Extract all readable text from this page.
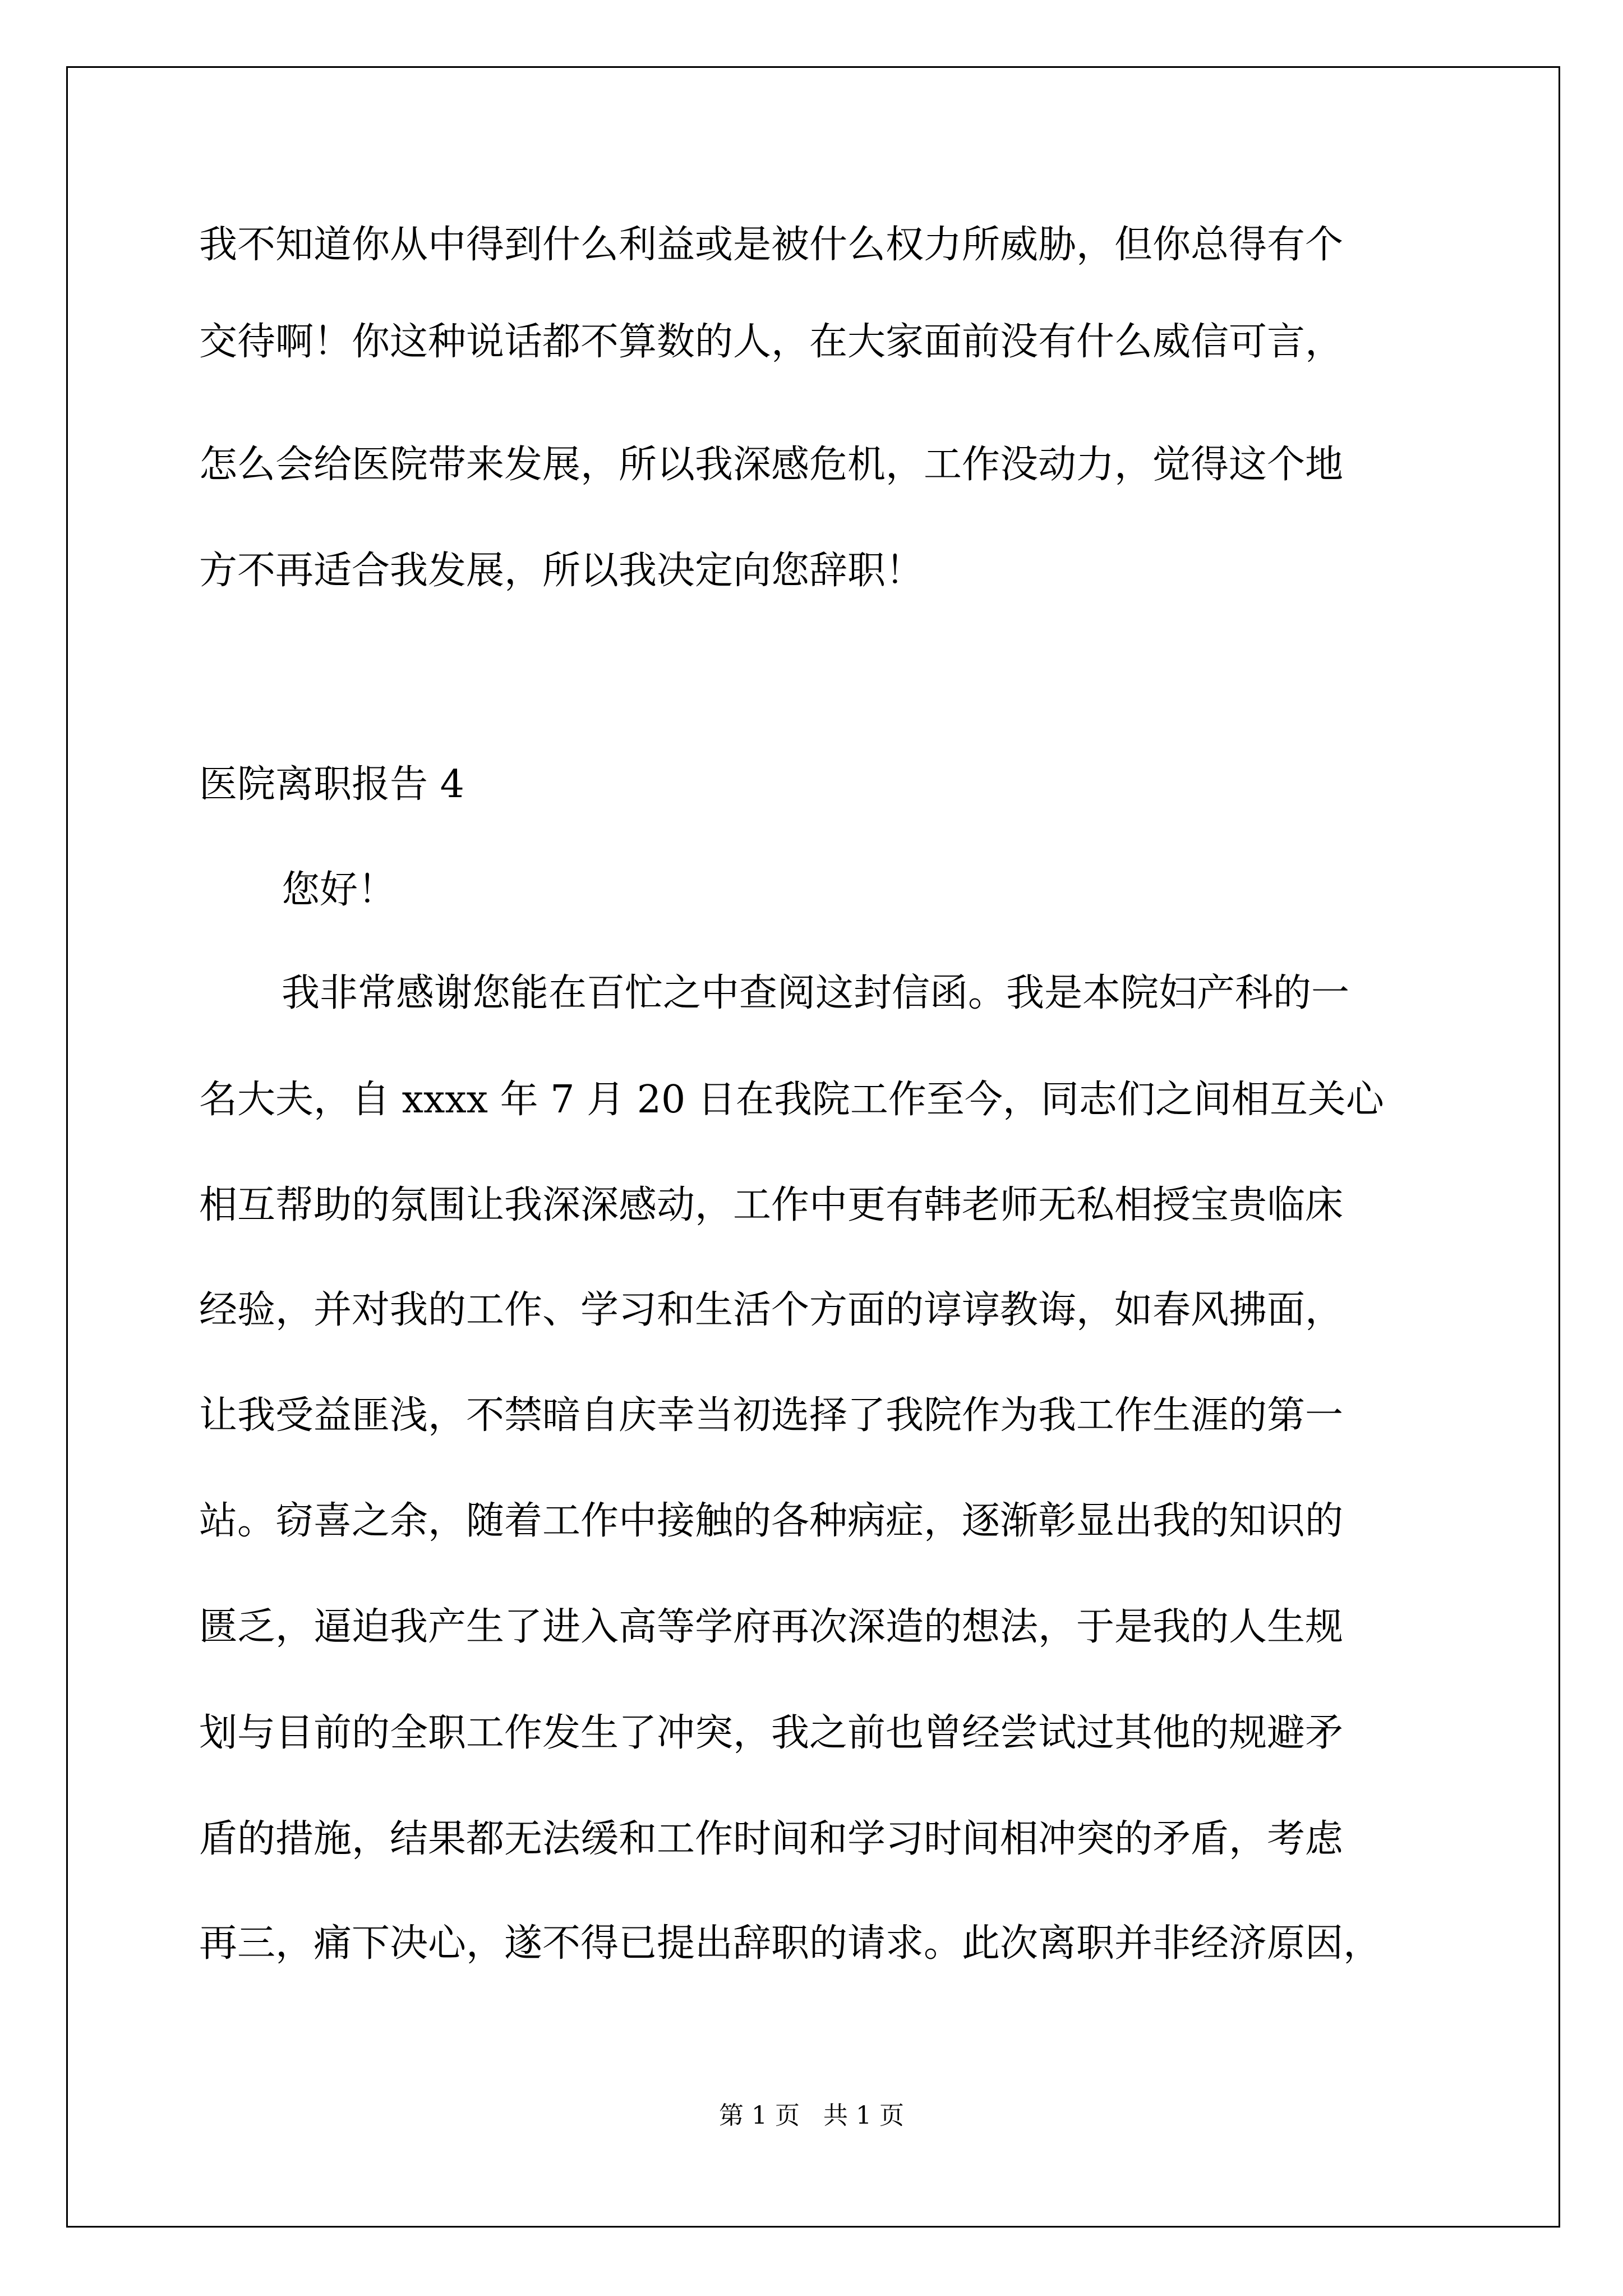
我不知道你从中得到什么利益或是被什么权力所威胁，但你总得有个
交待啊！你这种说话都不算数的人，在大家面前没有什么威信可言，
怎么会给医院带来发展，所以我深感危机，工作没动力，觉得这个地
方不再适合我发展，所以我决定向您辞职！
医院离职报告 4
您好！
我非常感谢您能在百忙之中查阅这封信函。我是本院妇产科的一
名大夫，自 xxxx 年 7 月 20 日在我院工作至今，同志们之间相互关心
相互帮助的氛围让我深深感动，工作中更有韩老师无私相授宝贵临床
经验，并对我的工作、学习和生活个方面的谆谆教诲，如春风拂面，
让我受益匪浅，不禁暗自庆幸当初选择了我院作为我工作生涯的第一
站。窃喜之余，随着工作中接触的各种病症，逐渐彰显出我的知识的
匮乏，逼迫我产生了进入高等学府再次深造的想法，于是我的人生规
划与目前的全职工作发生了冲突，我之前也曾经尝试过其他的规避矛
盾的措施，结果都无法缓和工作时间和学习时间相冲突的矛盾，考虑
再三，痛下决心，遂不得已提出辞职的请求。此次离职并非经济原因，
第 1 页   共 1 页
